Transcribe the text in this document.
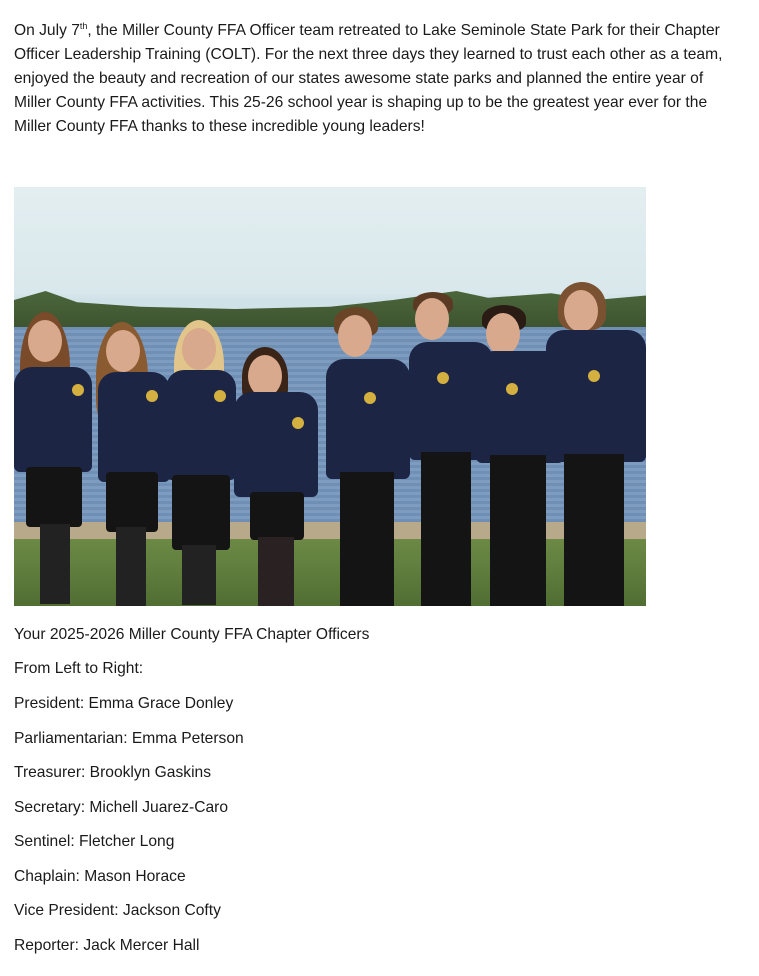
On July 7th, the Miller County FFA Officer team retreated to Lake Seminole State Park for their Chapter Officer Leadership Training (COLT). For the next three days they learned to trust each other as a team, enjoyed the beauty and recreation of our states awesome state parks and planned the entire year of Miller County FFA activities. This 25-26 school year is shaping up to be the greatest year ever for the Miller County FFA thanks to these incredible young leaders!
Your 2025-2026 Miller County FFA Chapter Officers
From Left to Right:
President: Emma Grace Donley
Parliamentarian: Emma Peterson
Treasurer: Brooklyn Gaskins
Secretary: Michell Juarez-Caro
Sentinel: Fletcher Long
Chaplain: Mason Horace
Vice President: Jackson Cofty
Reporter: Jack Mercer Hall
